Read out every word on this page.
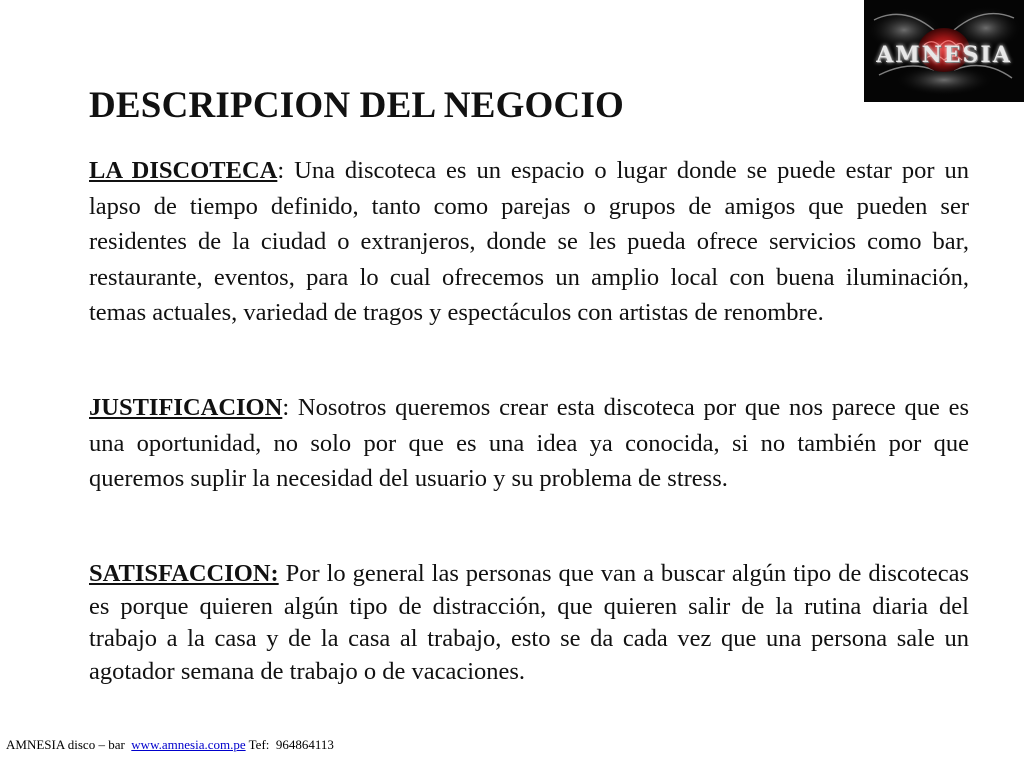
AMNESIA
DESCRIPCION DEL NEGOCIO

LA DISCOTECA: Una discoteca es un espacio o lugar donde se puede estar por un lapso de tiempo definido, tanto como parejas o grupos de amigos que pueden ser residentes de la ciudad o extranjeros, donde se les pueda ofrece servicios como bar, restaurante, eventos, para lo cual ofrecemos un amplio local con buena iluminación, temas actuales, variedad de tragos y espectáculos con artistas de renombre.

JUSTIFICACION: Nosotros queremos crear esta discoteca por que nos parece que es una oportunidad, no solo por que es una idea ya conocida, si no también por que queremos suplir la necesidad del usuario y su problema de stress.

SATISFACCION: Por lo general las personas que van a buscar algún tipo de discotecas es porque quieren algún tipo de distracción, que quieren salir de la rutina diaria del trabajo a la casa y de la casa al trabajo, esto se da cada vez que una persona sale un agotador semana de trabajo o de vacaciones.

AMNESIA disco – bar  www.amnesia.com.pe Tef:  964864113
